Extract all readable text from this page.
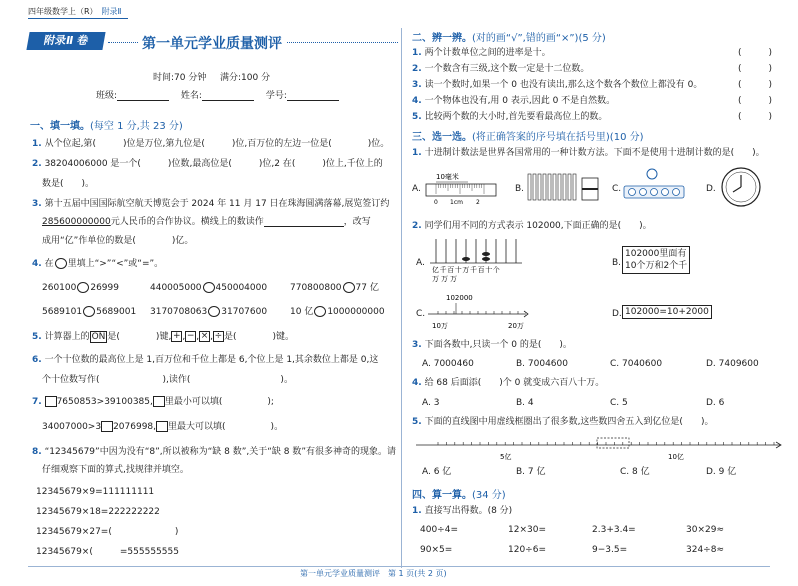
四年级数学上（R）　 附录Ⅱ
附录Ⅱ 卷	第一单元学业质量测评
时间:70 分钟 满分:100 分
班级: 　	姓名: 　	学号:
一、填一填。(每空 1 分,共 23 分)
1. 从个位起,第(　　　)位是万位,第九位是(　　　)位,百万位的左边一位是(　　　　)位。
2. 38204006000 是一个(　　　)位数,最高位是(　　　)位,2 在(　　　)位上,千位上的
数是(　　)。
3. 第十五届中国国际航空航天博览会于 2024 年 11 月 17 日在珠海圆满落幕,展览签订约
285600000000元人民币的合作协议。横线上的数读作	，改写
成用“亿”作单位的数是(　　　　)亿。
4. 在 里填上“>”“<”或“=”。
260100 26999	440005000 450004000	770800800 77 亿
5689101 5689001 3170708063 31707600	10 亿 1000000000
5. 计算器上的 ON 是(　　　　)键, + , − , × , ÷ 是(　　　　)键。
6. 一个十位数的最高位上是 1,百万位和千位上都是 6,个位上是 1,其余数位上都是 0,这
个十位数写作(　　　　　　　),读作(　　　　　　　　　　)。
7. 7650853>39100385, 里最小可以填(　　　　　);
34007000>3 2076998, 里最大可以填(　　　　　)。
8. “12345679”中因为没有“8”,所以被称为“缺 8 数”,关于“缺 8 数”有很多神奇的现象。请
仔细观察下面的算式,找规律并填空。
12345679×9=111111111
12345679×18=222222222
12345679×27=(　　　　　　　)
12345679×(　　　	=555555555
二、辨一辨。(对的画“√”,错的画“×”)(5 分)
1. 两个计数单位之间的进率是十。	(　　　)
2. 一个数含有三级,这个数一定是十二位数。	(　　　)
3. 读一个数时,如果一个 0 也没有读出,那么这个数各个数位上都没有 0。	(　　　)
4. 一个物体也没有,用 0 表示,因此 0 不是自然数。	(　　　)
5. 比较两个数的大小时,首先要看最高位上的数。	(　　　)
三、选一选。(将正确答案的序号填在括号里)(10 分)
1. 十进制计数法是世界各国常用的一种计数方法。下面不是使用十进制计数的是(　　 )。
A.
10毫米
0 1cm 2
B.	C.	D.
2. 同学们用不同的方式表示 102000,下面正确的是(　　 )。
A.
亿千百十万千百十个
万万万
B.
102000里面有
10个万和2个千
C.
102000
10万	20万
D. 102000=10+2000
3. 下面各数中,只读一个 0 的是(　　 )。
A. 7000460	B. 7004600	C. 7040600	D. 7409600
4. 给 68 后面添(　　 )个 0 就变成六百八十万。
A. 3	B. 4	C. 5	D. 6
5. 下面的直线图中用虚线框圈出了很多数,这些数四舍五入到亿位是(　　 )。
5亿	10亿
A. 6 亿	B. 7 亿	C. 8 亿	D. 9 亿
四、算一算。(34 分)
1. 直接写出得数。(8 分)
400÷4=	12×30=	2.3+3.4=	30×29≈
90×5=	120÷6=	9−3.5=	324÷8≈
第一单元学业质量测评　 第 1 页(共 2 页)
